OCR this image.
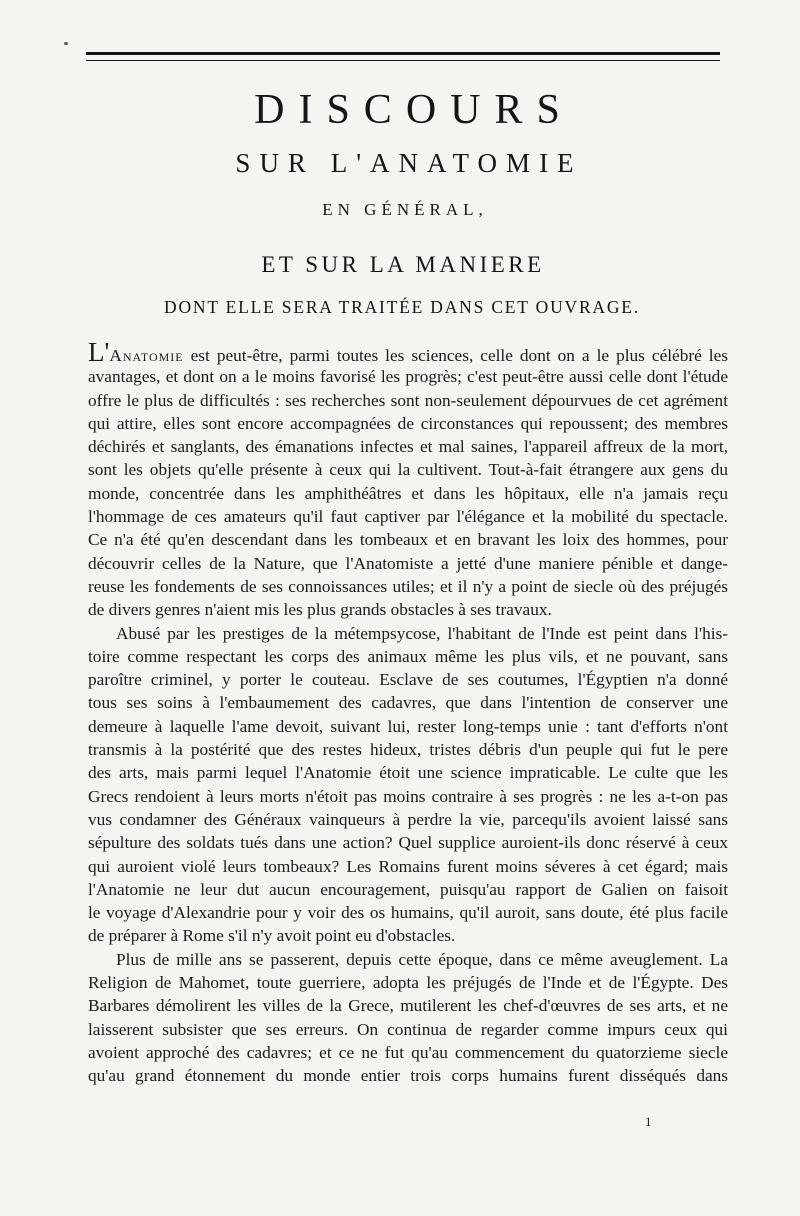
DISCOURS
SUR L'ANATOMIE
EN GÉNÉRAL,
ET SUR LA MANIERE
DONT ELLE SERA TRAITÉE DANS CET OUVRAGE.
L'Anatomie est peut-être, parmi toutes les sciences, celle dont on a le plus célébré les
avantages, et dont on a le moins favorisé les progrès; c'est peut-être aussi celle dont l'étude
offre le plus de difficultés : ses recherches sont non-seulement dépourvues de cet agrément
qui attire, elles sont encore accompagnées de circonstances qui repoussent; des membres
déchirés et sanglants, des émanations infectes et mal saines, l'appareil affreux de la mort,
sont les objets qu'elle présente à ceux qui la cultivent. Tout-à-fait étrangere aux gens du
monde, concentrée dans les amphithéâtres et dans les hôpitaux, elle n'a jamais reçu
l'hommage de ces amateurs qu'il faut captiver par l'élégance et la mobilité du spectacle.
Ce n'a été qu'en descendant dans les tombeaux et en bravant les loix des hommes, pour
découvrir celles de la Nature, que l'Anatomiste a jetté d'une maniere pénible et dange-
reuse les fondements de ses connoissances utiles; et il n'y a point de siecle où des préjugés
de divers genres n'aient mis les plus grands obstacles à ses travaux.
Abusé par les prestiges de la métempsycose, l'habitant de l'Inde est peint dans l'his-
toire comme respectant les corps des animaux même les plus vils, et ne pouvant, sans
paroître criminel, y porter le couteau. Esclave de ses coutumes, l'Égyptien n'a donné
tous ses soins à l'embaumement des cadavres, que dans l'intention de conserver une
demeure à laquelle l'ame devoit, suivant lui, rester long-temps unie : tant d'efforts n'ont
transmis à la postérité que des restes hideux, tristes débris d'un peuple qui fut le pere
des arts, mais parmi lequel l'Anatomie étoit une science impraticable. Le culte que les
Grecs rendoient à leurs morts n'étoit pas moins contraire à ses progrès : ne les a-t-on pas
vus condamner des Généraux vainqueurs à perdre la vie, parcequ'ils avoient laissé sans
sépulture des soldats tués dans une action? Quel supplice auroient-ils donc réservé à ceux
qui auroient violé leurs tombeaux? Les Romains furent moins séveres à cet égard; mais
l'Anatomie ne leur dut aucun encouragement, puisqu'au rapport de Galien on faisoit
le voyage d'Alexandrie pour y voir des os humains, qu'il auroit, sans doute, été plus facile
de préparer à Rome s'il n'y avoit point eu d'obstacles.
Plus de mille ans se passerent, depuis cette époque, dans ce même aveuglement. La
Religion de Mahomet, toute guerriere, adopta les préjugés de l'Inde et de l'Égypte. Des
Barbares démolirent les villes de la Grece, mutilerent les chef-d'œuvres de ses arts, et ne
laisserent subsister que ses erreurs. On continua de regarder comme impurs ceux qui
avoient approché des cadavres; et ce ne fut qu'au commencement du quatorzieme siecle
qu'au grand étonnement du monde entier trois corps humains furent disséqués dans
1
